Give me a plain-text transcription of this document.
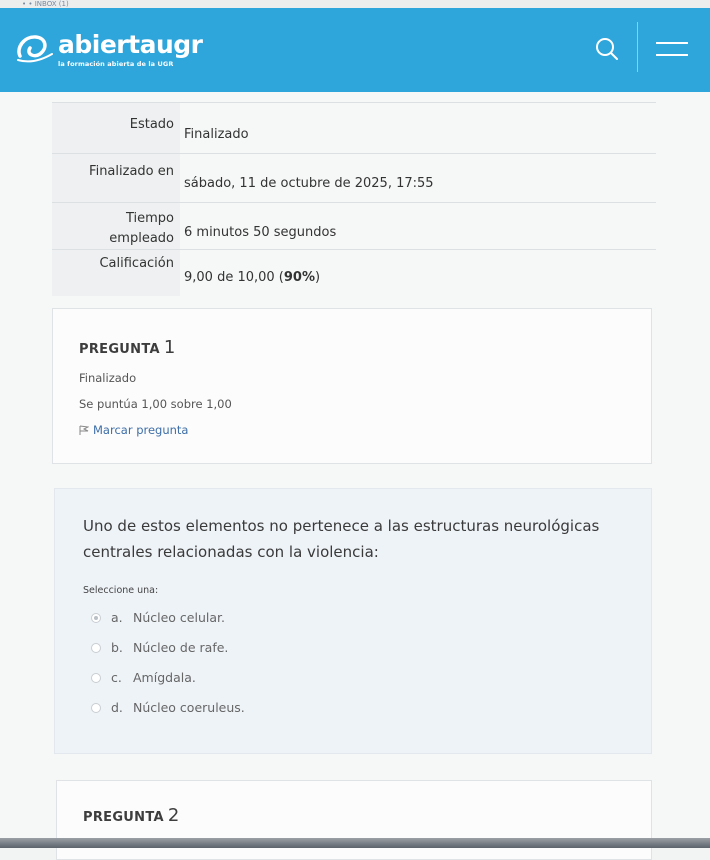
• • INBOX (1)
abiertaugr
la formación abierta de la UGR
Estado
Finalizado
Finalizado en
sábado, 11 de octubre de 2025, 17:55
Tiempo
empleado 6 minutos 50 segundos
Calificación
9,00 de 10,00 (90%)
PREGUNTA 1
Finalizado
Se puntúa 1,00 sobre 1,00
Marcar pregunta
Uno de estos elementos no pertenece a las estructuras neurológicas centrales relacionadas con la violencia:
Seleccione una:
a. Núcleo celular.
b. Núcleo de rafe.
c. Amígdala.
d. Núcleo coeruleus.
PREGUNTA 2
